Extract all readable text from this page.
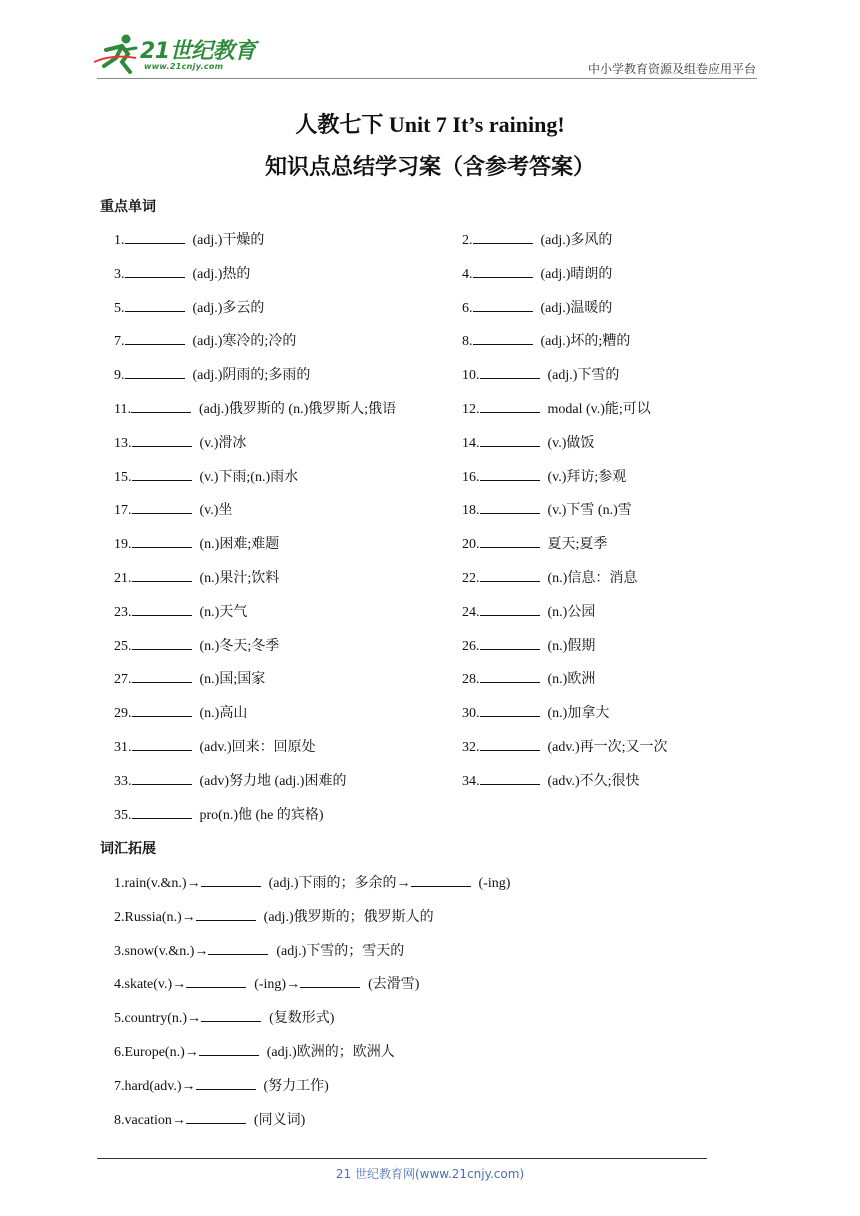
21世纪教育
www.21cnjy.com	中小学教育资源及组卷应用平台
人教七下 Unit 7 It’s raining!
知识点总结学习案（含参考答案）
重点单词
1.	(adj.)干燥的	2.	(adj.)多风的
3.	(adj.)热的	4.	(adj.)晴朗的
5.	(adj.)多云的	6.	(adj.)温暖的
7.	(adj.)寒冷的;冷的	8.	(adj.)坏的;糟的
9.	(adj.)阴雨的;多雨的	10.	(adj.)下雪的
11.	(adj.)俄罗斯的 (n.)俄罗斯人;俄语	12.	modal (v.)能;可以
13.	(v.)滑冰	14.	(v.)做饭
15.	(v.)下雨;(n.)雨水	16.	(v.)拜访;参观
17.	(v.)坐	18.	(v.)下雪 (n.)雪
19.	(n.)困难;难题	20.	夏天;夏季
21.	(n.)果汁;饮料	22.	(n.)信息：消息
23.	(n.)天气	24.	(n.)公园
25.	(n.)冬天;冬季	26.	(n.)假期
27.	(n.)国;国家	28.	(n.)欧洲
29.	(n.)高山	30.	(n.)加拿大
31.	(adv.)回来：回原处	32.	(adv.)再一次;又一次
33.	(adv)努力地 (adj.)困难的	34.	(adv.)不久;很快
35.	pro(n.)他 (he 的宾格)
词汇拓展
1.rain(v.&n.)→	(adj.)下雨的；多余的→	(-ing)
2.Russia(n.)→	(adj.)俄罗斯的；俄罗斯人的
3.snow(v.&n.)→	(adj.)下雪的；雪天的
4.skate(v.)→	(-ing)→	(去滑雪)
5.country(n.)→	(复数形式)
6.Europe(n.)→	(adj.)欧洲的；欧洲人
7.hard(adv.)→	(努力工作)
8.vacation→	(同义词)
21 世纪教育网(www.21cnjy.com)
